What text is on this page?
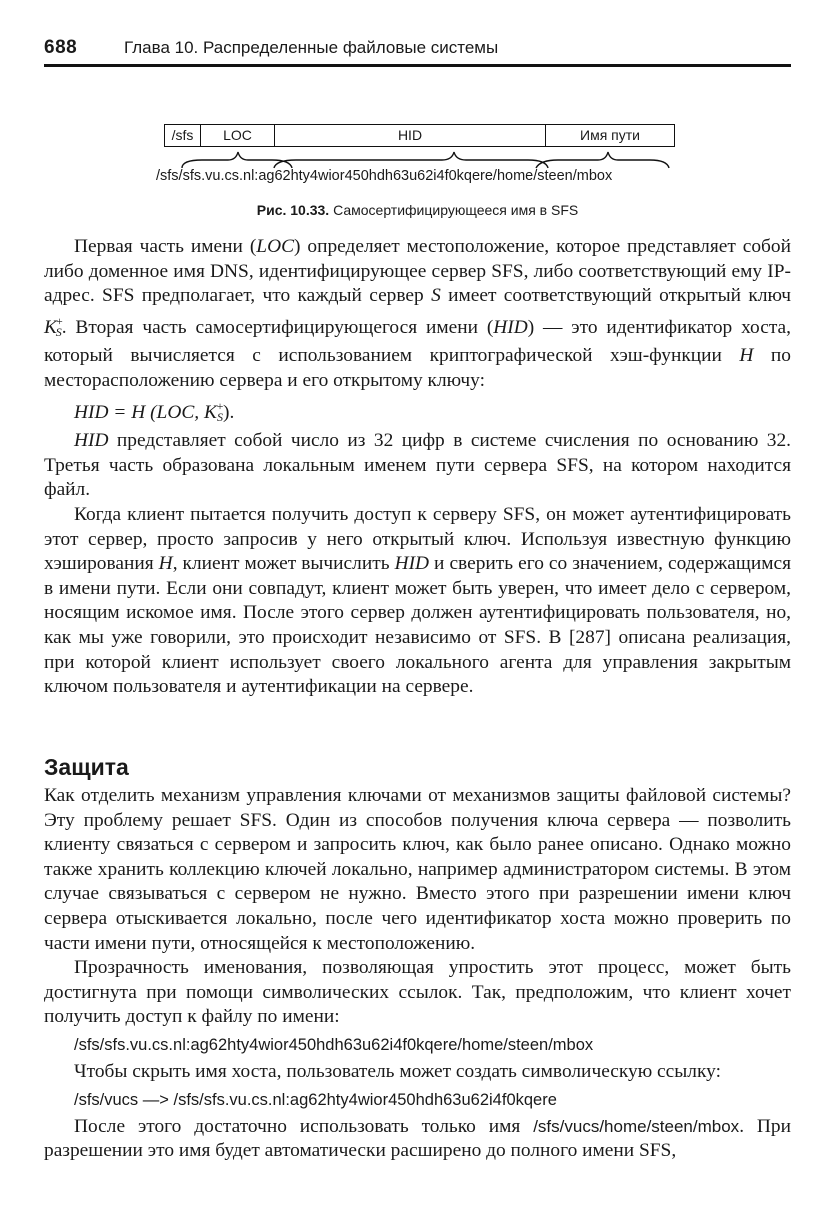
688	Глава 10. Распределенные файловые системы
/sfs	LOC	HID	Имя пути
/sfs/sfs.vu.cs.nl:ag62hty4wior450hdh63u62i4f0kqere/home/steen/mbox
Рис. 10.33. Самосертифицирующееся имя в SFS

Первая часть имени (LOC) определяет местоположение, которое представляет собой либо доменное имя DNS, идентифицирующее сервер SFS, либо соответствующий ему IP-адрес. SFS предполагает, что каждый сервер S имеет соответствующий открытый ключ $K^+_S$. Вторая часть самосертифицирующегося имени (HID) — это идентификатор хоста, который вычисляется с использованием криптографической хэш-функции H по месторасположению сервера и его открытому ключу:

HID = H (LOC, $K^+_S$).

HID представляет собой число из 32 цифр в системе счисления по основанию 32. Третья часть образована локальным именем пути сервера SFS, на котором находится файл.

Когда клиент пытается получить доступ к серверу SFS, он может аутентифицировать этот сервер, просто запросив у него открытый ключ. Используя известную функцию хэширования H, клиент может вычислить HID и сверить его со значением, содержащимся в имени пути. Если они совпадут, клиент может быть уверен, что имеет дело с сервером, носящим искомое имя. После этого сервер должен аутентифицировать пользователя, но, как мы уже говорили, это происходит независимо от SFS. В [287] описана реализация, при которой клиент использует своего локального агента для управления закрытым ключом пользователя и аутентификации на сервере.

Защита

Как отделить механизм управления ключами от механизмов защиты файловой системы? Эту проблему решает SFS. Один из способов получения ключа сервера — позволить клиенту связаться с сервером и запросить ключ, как было ранее описано. Однако можно также хранить коллекцию ключей локально, например администратором системы. В этом случае связываться с сервером не нужно. Вместо этого при разрешении имени ключ сервера отыскивается локально, после чего идентификатор хоста можно проверить по части имени пути, относящейся к местоположению.

Прозрачность именования, позволяющая упростить этот процесс, может быть достигнута при помощи символических ссылок. Так, предположим, что клиент хочет получить доступ к файлу по имени:

/sfs/sfs.vu.cs.nl:ag62hty4wior450hdh63u62i4f0kqere/home/steen/mbox

Чтобы скрыть имя хоста, пользователь может создать символическую ссылку:

/sfs/vucs —> /sfs/sfs.vu.cs.nl:ag62hty4wior450hdh63u62i4f0kqere

После этого достаточно использовать только имя /sfs/vucs/home/steen/mbox. При разрешении это имя будет автоматически расширено до полного имени SFS,
